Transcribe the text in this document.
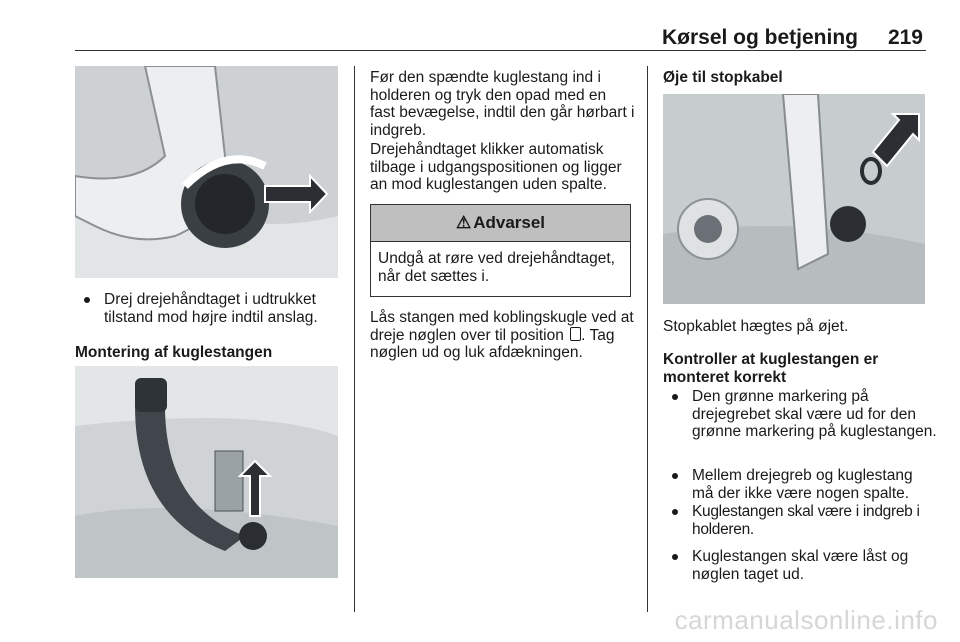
Kørsel og betjening 219
Drej drejehåndtaget i udtrukket tilstand mod højre indtil anslag.
Montering af kuglestangen
Før den spændte kuglestang ind i holderen og tryk den opad med en fast bevægelse, indtil den går hørbart i indgreb.
Drejehåndtaget klikker automatisk tilbage i udgangspositionen og ligger an mod kuglestangen uden spalte.
⚠ Advarsel
Undgå at røre ved drejehåndtaget, når det sættes i.
Lås stangen med koblingskugle ved at dreje nøglen over til position . Tag nøglen ud og luk afdækningen.
Øje til stopkabel
Stopkablet hægtes på øjet.
Kontroller at kuglestangen er monteret korrekt
Den grønne markering på drejegrebet skal være ud for den grønne markering på kuglestangen.
Mellem drejegreb og kuglestang må der ikke være nogen spalte.
Kuglestangen skal være i indgreb i holderen.
Kuglestangen skal være låst og nøglen taget ud.
carmanualsonline.info
